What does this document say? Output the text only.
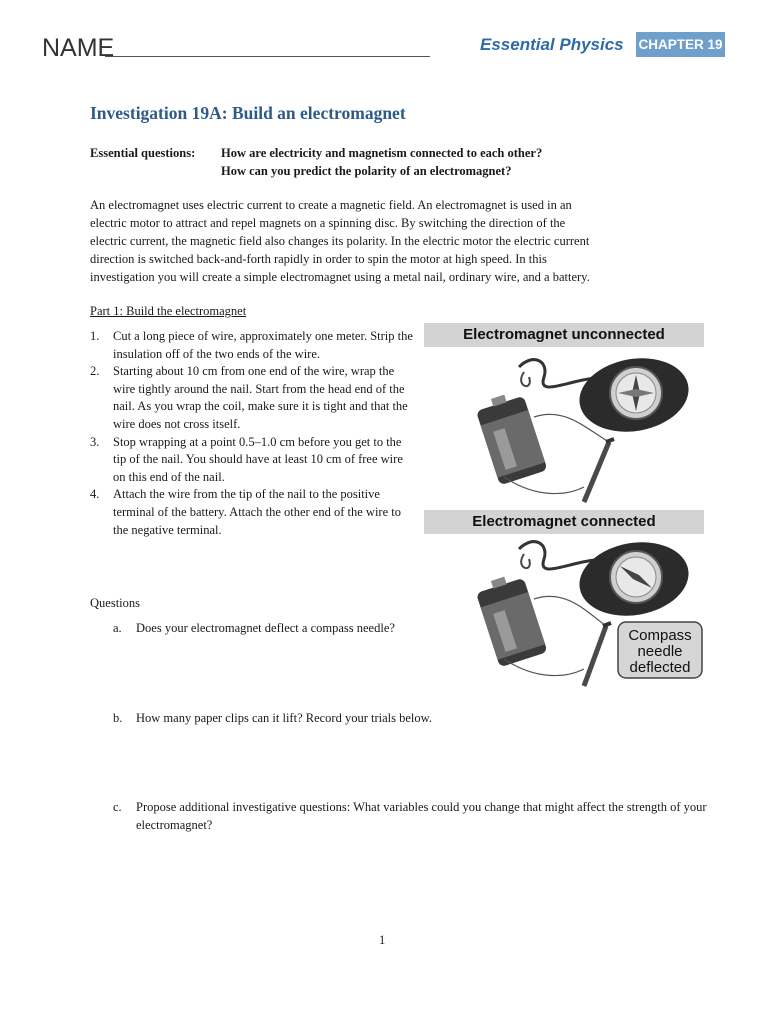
NAME	Essential Physics CHAPTER 19
Investigation 19A: Build an electromagnet
Essential questions: How are electricity and magnetism connected to each other?
How can you predict the polarity of an electromagnet?

An electromagnet uses electric current to create a magnetic field. An electromagnet is used in an

electric motor to attract and repel magnets on a spinning disc. By switching the direction of the

electric current, the magnetic field also changes its polarity. In the electric motor the electric current

direction is switched back-and-forth rapidly in order to spin the motor at high speed. In this

investigation you will create a simple electromagnet using a metal nail, ordinary wire, and a battery.

Part 1: Build the electromagnet
1. Cut a long piece of wire, approximately one meter. Strip the insulation off of the two ends of the wire.
2. Starting about 10 cm from one end of the wire, wrap the wire tightly around the nail. Start from the head end of the nail. As you wrap the coil, make sure it is tight and that the wire does not cross itself.
3. Stop wrapping at a point 0.5–1.0 cm before you get to the tip of the nail. You should have at least 10 cm of free wire on this end of the nail.
4. Attach the wire from the tip of the nail to the positive terminal of the battery. Attach the other end of the wire to the negative terminal.
Electromagnet unconnected
Electromagnet connected
Compass
needle
deflected
Questions
a.	Does your electromagnet deflect a compass needle?
b.	How many paper clips can it lift? Record your trials below.
c.	Propose additional investigative questions: What variables could you change that might affect the strength of your electromagnet?
1
